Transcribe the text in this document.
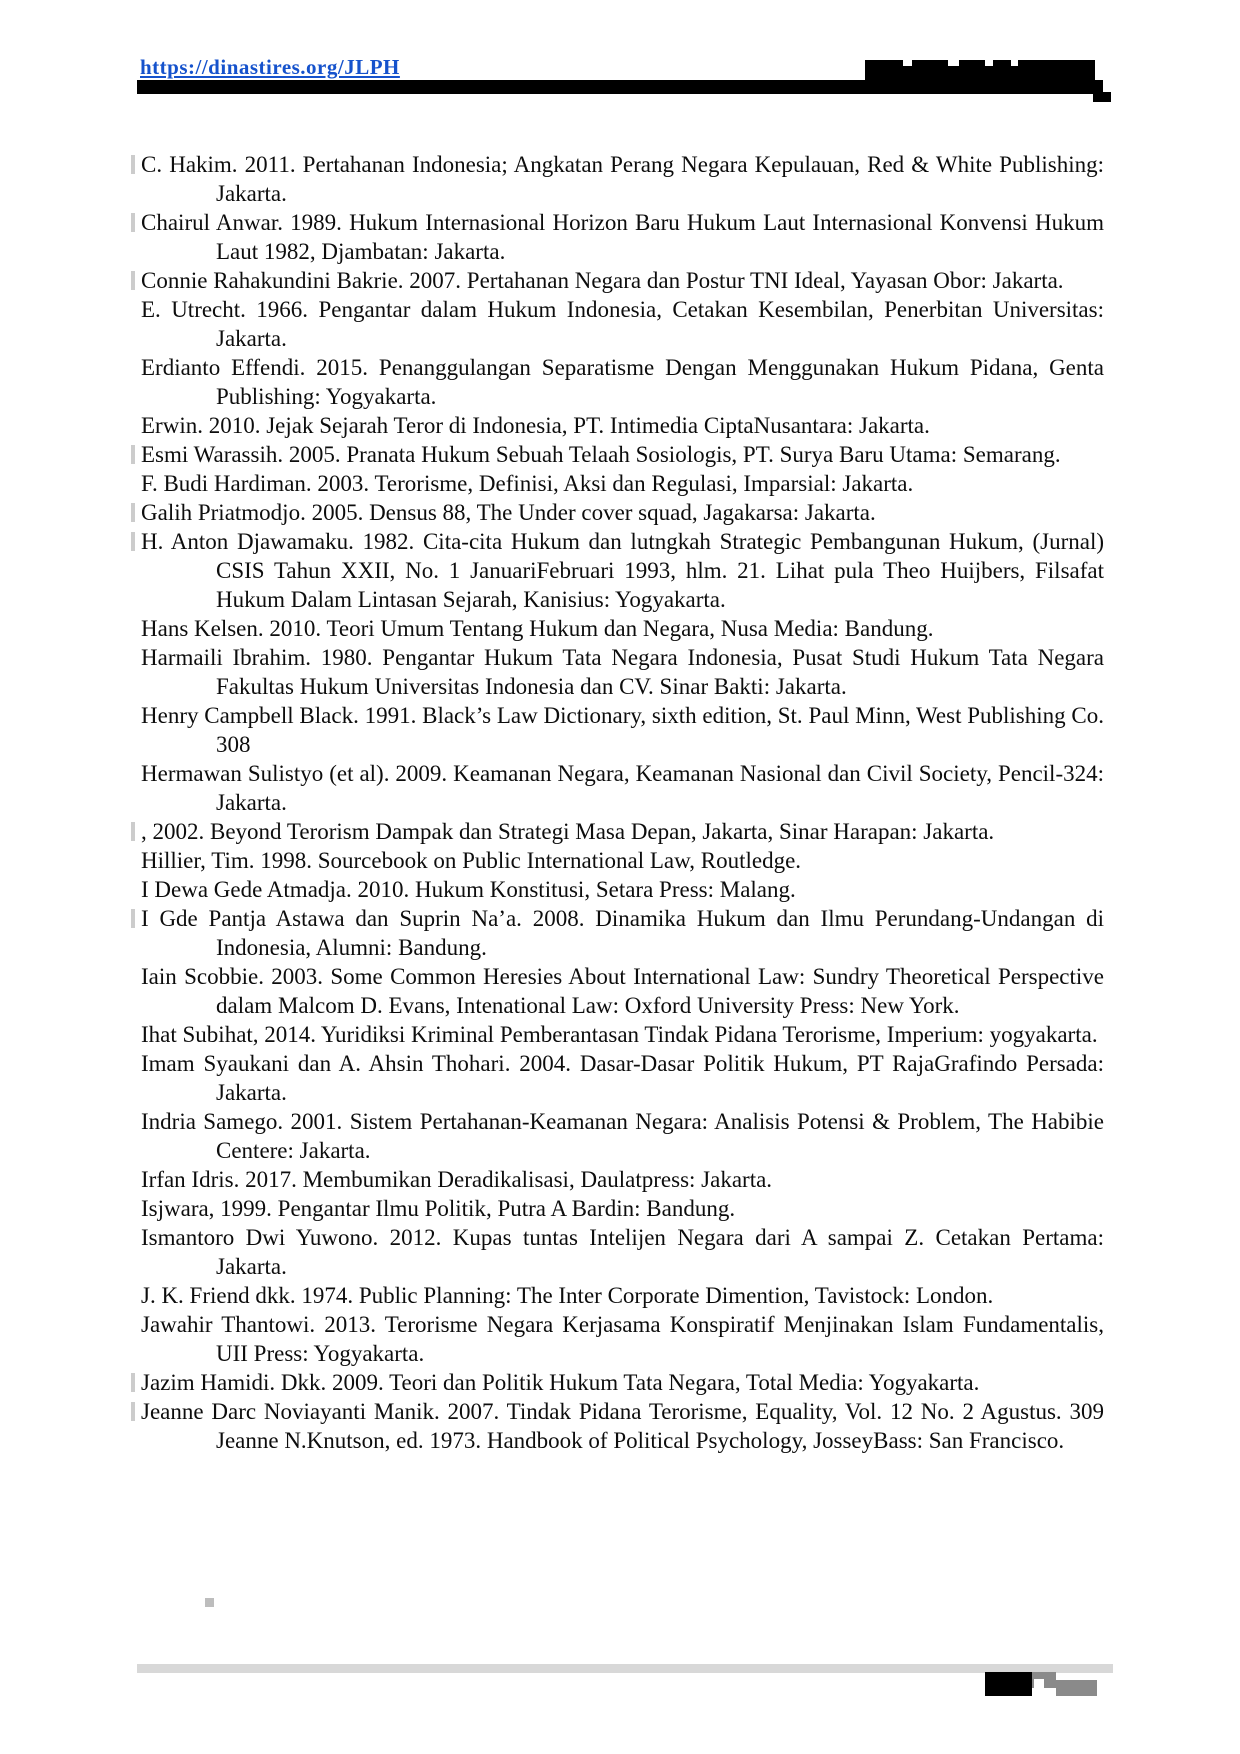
https://dinastires.org/JLPH

C. Hakim. 2011. Pertahanan Indonesia; Angkatan Perang Negara Kepulauan, Red & White Publishing: Jakarta.

Chairul Anwar. 1989. Hukum Internasional Horizon Baru Hukum Laut Internasional Konvensi Hukum Laut 1982, Djambatan: Jakarta.

Connie Rahakundini Bakrie. 2007. Pertahanan Negara dan Postur TNI Ideal, Yayasan Obor: Jakarta.

E. Utrecht. 1966. Pengantar dalam Hukum Indonesia, Cetakan Kesembilan, Penerbitan Universitas: Jakarta.

Erdianto Effendi. 2015. Penanggulangan Separatisme Dengan Menggunakan Hukum Pidana, Genta Publishing: Yogyakarta.

Erwin. 2010. Jejak Sejarah Teror di Indonesia, PT. Intimedia CiptaNusantara: Jakarta.

Esmi Warassih. 2005. Pranata Hukum Sebuah Telaah Sosiologis, PT. Surya Baru Utama: Semarang.

F. Budi Hardiman. 2003. Terorisme, Definisi, Aksi dan Regulasi, Imparsial: Jakarta.

Galih Priatmodjo. 2005. Densus 88, The Under cover squad, Jagakarsa: Jakarta.

H. Anton Djawamaku. 1982. Cita-cita Hukum dan lutngkah Strategic Pembangunan Hukum, (Jurnal) CSIS Tahun XXII, No. 1 JanuariFebruari 1993, hlm. 21. Lihat pula Theo Huijbers, Filsafat Hukum Dalam Lintasan Sejarah, Kanisius: Yogyakarta.

Hans Kelsen. 2010. Teori Umum Tentang Hukum dan Negara, Nusa Media: Bandung.

Harmaili Ibrahim. 1980. Pengantar Hukum Tata Negara Indonesia, Pusat Studi Hukum Tata Negara Fakultas Hukum Universitas Indonesia dan CV. Sinar Bakti: Jakarta.

Henry Campbell Black. 1991. Black’s Law Dictionary, sixth edition, St. Paul Minn, West Publishing Co. 308

Hermawan Sulistyo (et al). 2009. Keamanan Negara, Keamanan Nasional dan Civil Society, Pencil-324: Jakarta.

, 2002. Beyond Terorism Dampak dan Strategi Masa Depan, Jakarta, Sinar Harapan: Jakarta.

Hillier, Tim. 1998. Sourcebook on Public International Law, Routledge.

I Dewa Gede Atmadja. 2010. Hukum Konstitusi, Setara Press: Malang.

I Gde Pantja Astawa dan Suprin Na’a. 2008. Dinamika Hukum dan Ilmu Perundang-Undangan di Indonesia, Alumni: Bandung.

Iain Scobbie. 2003. Some Common Heresies About International Law: Sundry Theoretical Perspective dalam Malcom D. Evans, Intenational Law: Oxford University Press: New York.

Ihat Subihat, 2014. Yuridiksi Kriminal Pemberantasan Tindak Pidana Terorisme, Imperium: yogyakarta.

Imam Syaukani dan A. Ahsin Thohari. 2004. Dasar-Dasar Politik Hukum, PT RajaGrafindo Persada: Jakarta.

Indria Samego. 2001. Sistem Pertahanan-Keamanan Negara: Analisis Potensi & Problem, The Habibie Centere: Jakarta.

Irfan Idris. 2017. Membumikan Deradikalisasi, Daulatpress: Jakarta.

Isjwara, 1999. Pengantar Ilmu Politik, Putra A Bardin: Bandung.

Ismantoro Dwi Yuwono. 2012. Kupas tuntas Intelijen Negara dari A sampai Z. Cetakan Pertama: Jakarta.

J. K. Friend dkk. 1974. Public Planning: The Inter Corporate Dimention, Tavistock: London.

Jawahir Thantowi. 2013. Terorisme Negara Kerjasama Konspiratif Menjinakan Islam Fundamentalis, UII Press: Yogyakarta.

Jazim Hamidi. Dkk. 2009. Teori dan Politik Hukum Tata Negara, Total Media: Yogyakarta.

Jeanne Darc Noviayanti Manik. 2007. Tindak Pidana Terorisme, Equality, Vol. 12 No. 2 Agustus. 309 Jeanne N.Knutson, ed. 1973. Handbook of Political Psychology, JosseyBass: San Francisco.
